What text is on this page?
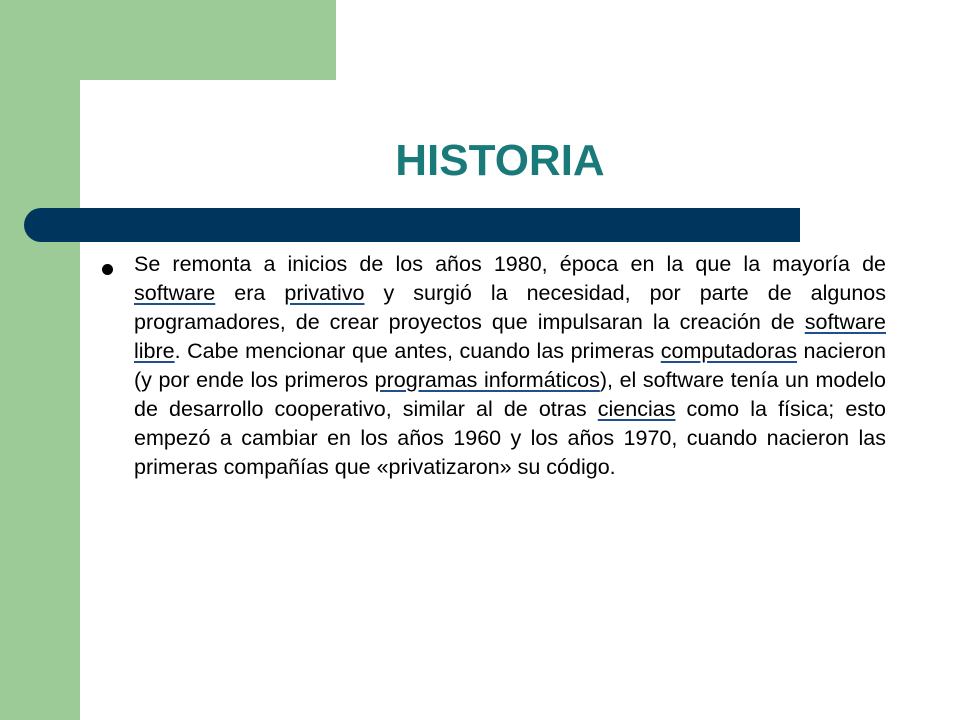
HISTORIA

Se remonta a inicios de los años 1980, época en la que la mayoría de software era privativo y surgió la necesidad, por parte de algunos programadores, de crear proyectos que impulsaran la creación de software libre. Cabe mencionar que antes, cuando las primeras computadoras nacieron (y por ende los primeros programas informáticos), el software tenía un modelo de desarrollo cooperativo, similar al de otras ciencias como la física; esto empezó a cambiar en los años 1960 y los años 1970, cuando nacieron las primeras compañías que «privatizaron» su código.
